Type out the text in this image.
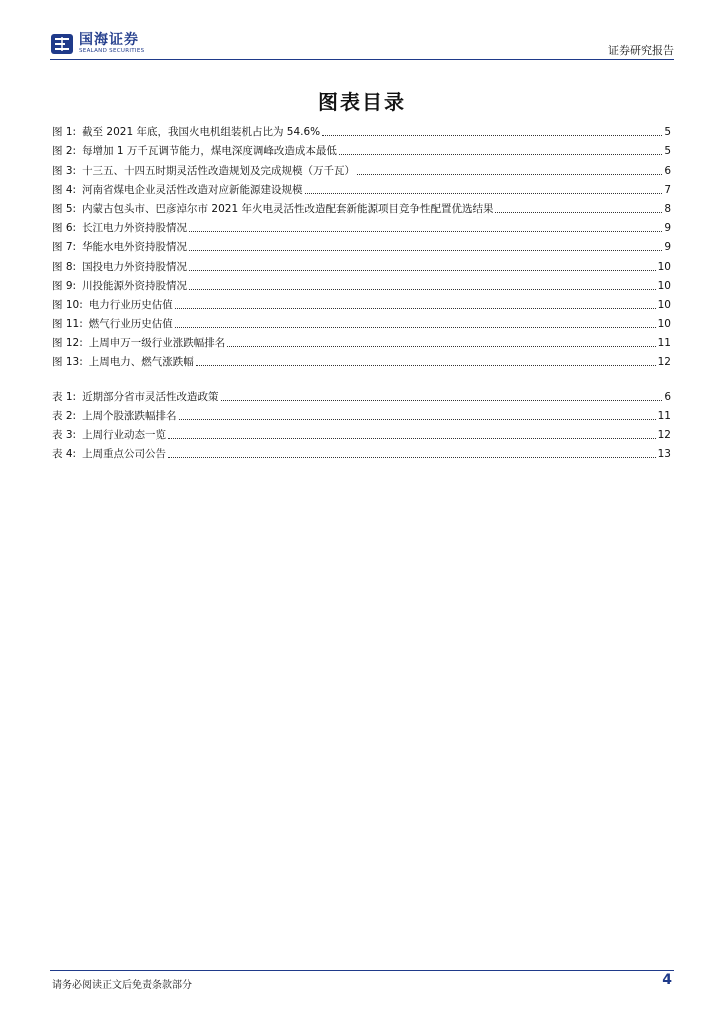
国海证券
SEALAND SECURITIES	证券研究报告
图表目录
图 1: 截至 2021 年底，我国火电机组装机占比为 54.6%	5
图 2: 每增加 1 万千瓦调节能力，煤电深度调峰改造成本最低	5
图 3: 十三五、十四五时期灵活性改造规划及完成规模（万千瓦）	6
图 4: 河南省煤电企业灵活性改造对应新能源建设规模	7
图 5: 内蒙古包头市、巴彦淖尔市 2021 年火电灵活性改造配套新能源项目竞争性配置优选结果	8
图 6: 长江电力外资持股情况	9
图 7: 华能水电外资持股情况	9
图 8: 国投电力外资持股情况	10
图 9: 川投能源外资持股情况	10
图 10: 电力行业历史估值	10
图 11: 燃气行业历史估值	10
图 12: 上周申万一级行业涨跌幅排名	11
图 13: 上周电力、燃气涨跌幅	12
表 1: 近期部分省市灵活性改造政策	6
表 2: 上周个股涨跌幅排名	11
表 3: 上周行业动态一览	12
表 4: 上周重点公司公告	13
请务必阅读正文后免责条款部分	4
